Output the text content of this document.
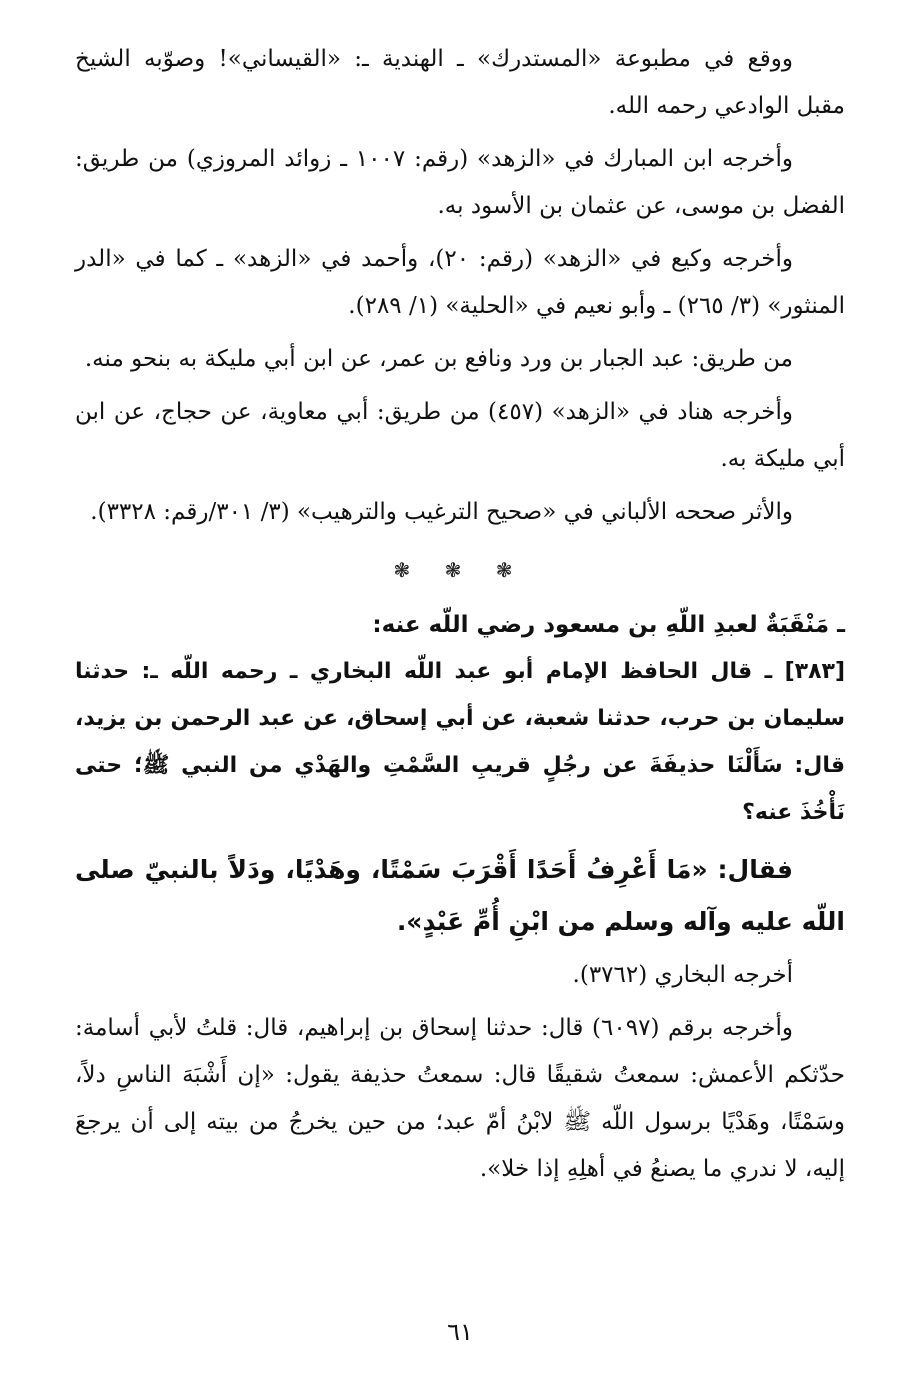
ووقع في مطبوعة «المستدرك» ـ الهندية ـ: «القيساني»! وصوّبه الشيخ مقبل الوادعي رحمه الله.

وأخرجه ابن المبارك في «الزهد» (رقم: ١٠٠٧ ـ زوائد المروزي) من طريق: الفضل بن موسى، عن عثمان بن الأسود به.

وأخرجه وكيع في «الزهد» (رقم: ٢٠)، وأحمد في «الزهد» ـ كما في «الدر المنثور» (٣/ ٢٦٥) ـ وأبو نعيم في «الحلية» (١/ ٢٨٩).

من طريق: عبد الجبار بن ورد ونافع بن عمر، عن ابن أبي مليكة به بنحو منه.

وأخرجه هناد في «الزهد» (٤٥٧) من طريق: أبي معاوية، عن حجاج، عن ابن أبي مليكة به.

والأثر صححه الألباني في «صحيح الترغيب والترهيب» (٣/ ٣٠١/رقم: ٣٣٢٨).

❃ ❃ ❃
ـ مَنْقَبَةٌ لعبدِ اللّهِ بن مسعود رضي اللّه عنه:

[٣٨٣] ـ قال الحافظ الإمام أبو عبد اللّه البخاري ـ رحمه اللّه ـ: حدثنا سليمان بن حرب، حدثنا شعبة، عن أبي إسحاق، عن عبد الرحمن بن يزيد، قال: سَأَلْنَا حذيفَةَ عن رجُلٍ قريبِ السَّمْتِ والهَدْي من النبي ﷺ؛ حتى نَأْخُذَ عنه؟

فقال: «مَا أَعْرِفُ أَحَدًا أَقْرَبَ سَمْتًا، وهَدْيًا، ودَلاً بالنبيّ صلى اللّه عليه وآله وسلم من ابْنِ أُمِّ عَبْدٍ».

أخرجه البخاري (٣٧٦٢).

وأخرجه برقم (٦٠٩٧) قال: حدثنا إسحاق بن إبراهيم، قال: قلتُ لأبي أسامة: حدّثكم الأعمش: سمعتُ شقيقًا قال: سمعتُ حذيفة يقول: «إن أَشْبَهَ الناسِ دلاً، وسَمْتًا، وهَدْيًا برسول اللّه ﷺ لابْنُ أمّ عبد؛ من حين يخرجُ من بيته إلى أن يرجعَ إليه، لا ندري ما يصنعُ في أهلِهِ إذا خلا».

٦١
